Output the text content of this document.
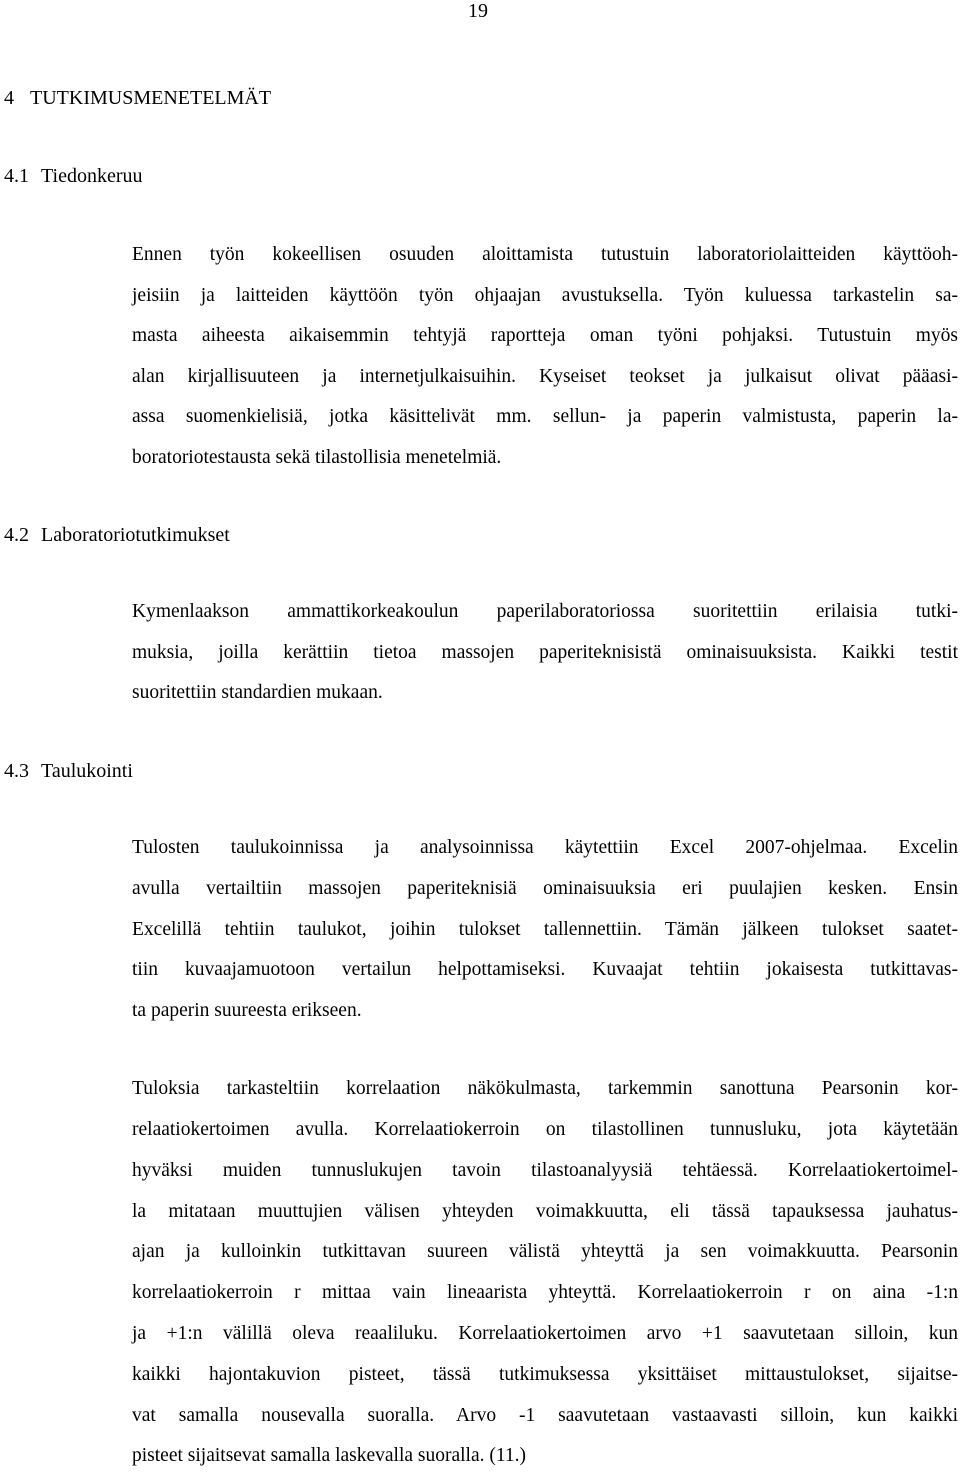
19
4 TUTKIMUSMENETELMÄT
4.1 Tiedonkeruu
Ennen työn kokeellisen osuuden aloittamista tutustuin laboratoriolaitteiden käyttöoh-
jeisiin ja laitteiden käyttöön työn ohjaajan avustuksella. Työn kuluessa tarkastelin sa-
masta aiheesta aikaisemmin tehtyjä raportteja oman työni pohjaksi. Tutustuin myös
alan kirjallisuuteen ja internetjulkaisuihin. Kyseiset teokset ja julkaisut olivat pääasi-
assa suomenkielisiä, jotka käsittelivät mm. sellun- ja paperin valmistusta, paperin la-
boratoriotestausta sekä tilastollisia menetelmiä.
4.2 Laboratoriotutkimukset
Kymenlaakson ammattikorkeakoulun paperilaboratoriossa suoritettiin erilaisia tutki-
muksia, joilla kerättiin tietoa massojen paperiteknisistä ominaisuuksista. Kaikki testit
suoritettiin standardien mukaan.
4.3 Taulukointi
Tulosten taulukoinnissa ja analysoinnissa käytettiin Excel 2007-ohjelmaa. Excelin
avulla vertailtiin massojen paperiteknisiä ominaisuuksia eri puulajien kesken. Ensin
Excelillä tehtiin taulukot, joihin tulokset tallennettiin. Tämän jälkeen tulokset saatet-
tiin kuvaajamuotoon vertailun helpottamiseksi. Kuvaajat tehtiin jokaisesta tutkittavas-
ta paperin suureesta erikseen.
Tuloksia tarkasteltiin korrelaation näkökulmasta, tarkemmin sanottuna Pearsonin kor-
relaatiokertoimen avulla. Korrelaatiokerroin on tilastollinen tunnusluku, jota käytetään
hyväksi muiden tunnuslukujen tavoin tilastoanalyysiä tehtäessä. Korrelaatiokertoimel-
la mitataan muuttujien välisen yhteyden voimakkuutta, eli tässä tapauksessa jauhatus-
ajan ja kulloinkin tutkittavan suureen välistä yhteyttä ja sen voimakkuutta. Pearsonin
korrelaatiokerroin r mittaa vain lineaarista yhteyttä. Korrelaatiokerroin r on aina -1:n
ja +1:n välillä oleva reaaliluku. Korrelaatiokertoimen arvo +1 saavutetaan silloin, kun
kaikki hajontakuvion pisteet, tässä tutkimuksessa yksittäiset mittaustulokset, sijaitse-
vat samalla nousevalla suoralla. Arvo -1 saavutetaan vastaavasti silloin, kun kaikki
pisteet sijaitsevat samalla laskevalla suoralla. (11.)
